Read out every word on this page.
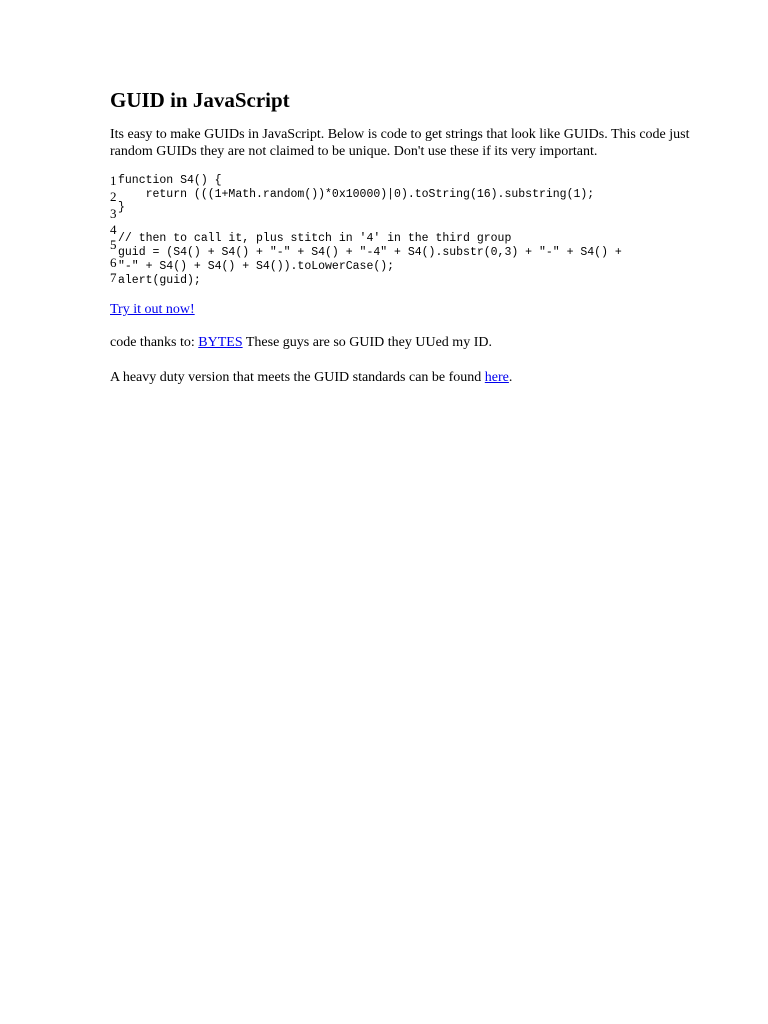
GUID in JavaScript

Its easy to make GUIDs in JavaScript. Below is code to get strings that look like GUIDs. This code just random GUIDs they are not claimed to be unique. Don't use these if its very important.

1
2
3
4
5
6
7
function S4() {
return (((1+Math.random())*0x10000)|0).toString(16).substring(1);
}
// then to call it, plus stitch in '4' in the third group
guid = (S4() + S4() + "-" + S4() + "-4" + S4().substr(0,3) + "-" + S4() +
"-" + S4() + S4() + S4()).toLowerCase();
alert(guid);

Try it out now!

code thanks to: BYTES These guys are so GUID they UUed my ID.

A heavy duty version that meets the GUID standards can be found here.
